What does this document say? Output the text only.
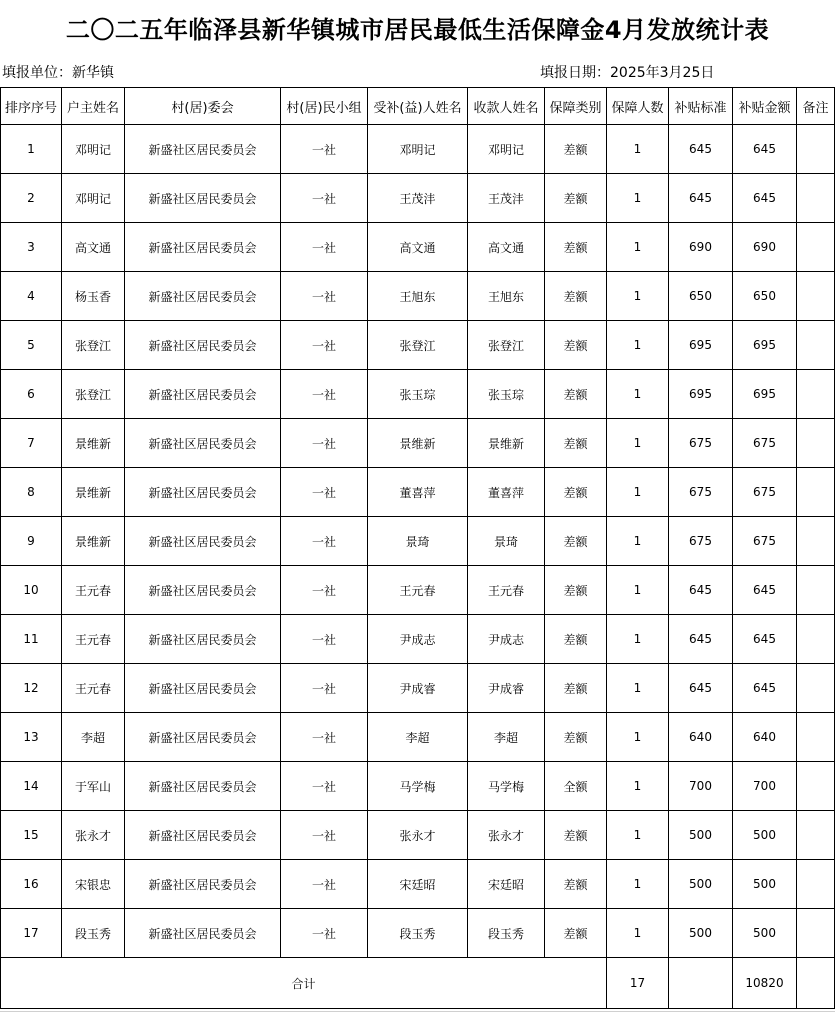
二〇二五年临泽县新华镇城市居民最低生活保障金4月发放统计表
填报单位：新华镇	填报日期：2025年3月25日
排序序号	户主姓名	村(居)委会	村(居)民小组	受补(益)人姓名	收款人姓名	保障类别	保障人数	补贴标准	补贴金额	备注
1	邓明记	新盛社区居民委员会	一社	邓明记	邓明记	差额	1	645	645	
2	邓明记	新盛社区居民委员会	一社	王茂沣	王茂沣	差额	1	645	645	
3	高文通	新盛社区居民委员会	一社	高文通	高文通	差额	1	690	690	
4	杨玉香	新盛社区居民委员会	一社	王旭东	王旭东	差额	1	650	650	
5	张登江	新盛社区居民委员会	一社	张登江	张登江	差额	1	695	695	
6	张登江	新盛社区居民委员会	一社	张玉琮	张玉琮	差额	1	695	695	
7	景维新	新盛社区居民委员会	一社	景维新	景维新	差额	1	675	675	
8	景维新	新盛社区居民委员会	一社	董喜萍	董喜萍	差额	1	675	675	
9	景维新	新盛社区居民委员会	一社	景琦	景琦	差额	1	675	675	
10	王元春	新盛社区居民委员会	一社	王元春	王元春	差额	1	645	645	
11	王元春	新盛社区居民委员会	一社	尹成志	尹成志	差额	1	645	645	
12	王元春	新盛社区居民委员会	一社	尹成睿	尹成睿	差额	1	645	645	
13	李超	新盛社区居民委员会	一社	李超	李超	差额	1	640	640	
14	于军山	新盛社区居民委员会	一社	马学梅	马学梅	全额	1	700	700	
15	张永才	新盛社区居民委员会	一社	张永才	张永才	差额	1	500	500	
16	宋银忠	新盛社区居民委员会	一社	宋廷昭	宋廷昭	差额	1	500	500	
17	段玉秀	新盛社区居民委员会	一社	段玉秀	段玉秀	差额	1	500	500	
合计							17		10820	
